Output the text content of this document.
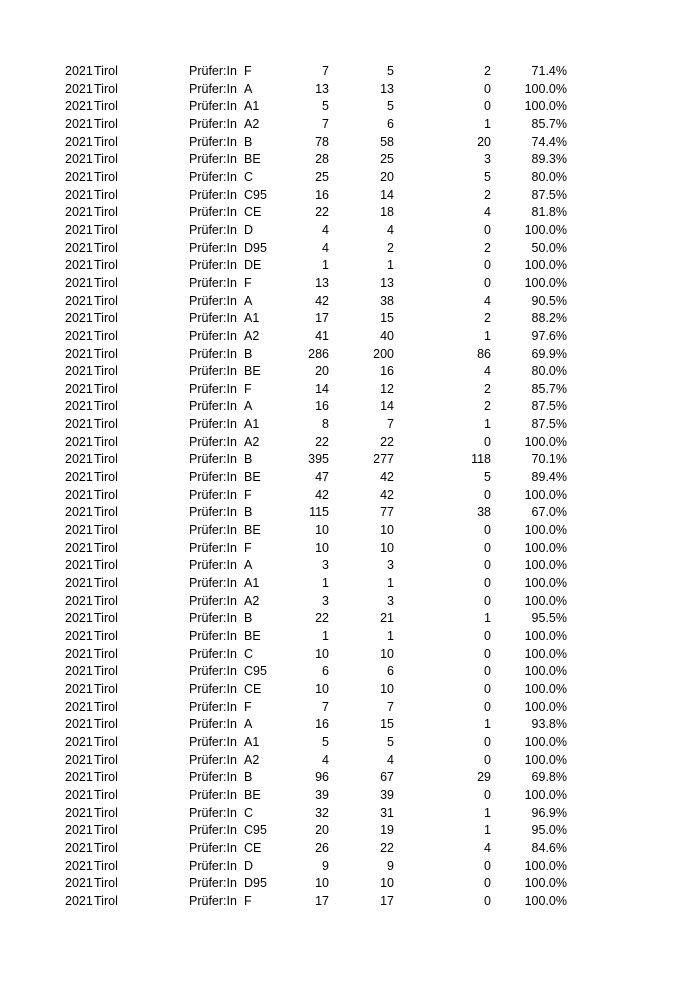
2021 Tirol	Prüfer:In F	7	5	2	71.4%
2021 Tirol	Prüfer:In A	13	13	0	100.0%
2021 Tirol	Prüfer:In A1	5	5	0	100.0%
2021 Tirol	Prüfer:In A2	7	6	1	85.7%
2021 Tirol	Prüfer:In B	78	58	20	74.4%
2021 Tirol	Prüfer:In BE	28	25	3	89.3%
2021 Tirol	Prüfer:In C	25	20	5	80.0%
2021 Tirol	Prüfer:In C95	16	14	2	87.5%
2021 Tirol	Prüfer:In CE	22	18	4	81.8%
2021 Tirol	Prüfer:In D	4	4	0	100.0%
2021 Tirol	Prüfer:In D95	4	2	2	50.0%
2021 Tirol	Prüfer:In DE	1	1	0	100.0%
2021 Tirol	Prüfer:In F	13	13	0	100.0%
2021 Tirol	Prüfer:In A	42	38	4	90.5%
2021 Tirol	Prüfer:In A1	17	15	2	88.2%
2021 Tirol	Prüfer:In A2	41	40	1	97.6%
2021 Tirol	Prüfer:In B	286	200	86	69.9%
2021 Tirol	Prüfer:In BE	20	16	4	80.0%
2021 Tirol	Prüfer:In F	14	12	2	85.7%
2021 Tirol	Prüfer:In A	16	14	2	87.5%
2021 Tirol	Prüfer:In A1	8	7	1	87.5%
2021 Tirol	Prüfer:In A2	22	22	0	100.0%
2021 Tirol	Prüfer:In B	395	277	118	70.1%
2021 Tirol	Prüfer:In BE	47	42	5	89.4%
2021 Tirol	Prüfer:In F	42	42	0	100.0%
2021 Tirol	Prüfer:In B	115	77	38	67.0%
2021 Tirol	Prüfer:In BE	10	10	0	100.0%
2021 Tirol	Prüfer:In F	10	10	0	100.0%
2021 Tirol	Prüfer:In A	3	3	0	100.0%
2021 Tirol	Prüfer:In A1	1	1	0	100.0%
2021 Tirol	Prüfer:In A2	3	3	0	100.0%
2021 Tirol	Prüfer:In B	22	21	1	95.5%
2021 Tirol	Prüfer:In BE	1	1	0	100.0%
2021 Tirol	Prüfer:In C	10	10	0	100.0%
2021 Tirol	Prüfer:In C95	6	6	0	100.0%
2021 Tirol	Prüfer:In CE	10	10	0	100.0%
2021 Tirol	Prüfer:In F	7	7	0	100.0%
2021 Tirol	Prüfer:In A	16	15	1	93.8%
2021 Tirol	Prüfer:In A1	5	5	0	100.0%
2021 Tirol	Prüfer:In A2	4	4	0	100.0%
2021 Tirol	Prüfer:In B	96	67	29	69.8%
2021 Tirol	Prüfer:In BE	39	39	0	100.0%
2021 Tirol	Prüfer:In C	32	31	1	96.9%
2021 Tirol	Prüfer:In C95	20	19	1	95.0%
2021 Tirol	Prüfer:In CE	26	22	4	84.6%
2021 Tirol	Prüfer:In D	9	9	0	100.0%
2021 Tirol	Prüfer:In D95	10	10	0	100.0%
2021 Tirol	Prüfer:In F	17	17	0	100.0%
